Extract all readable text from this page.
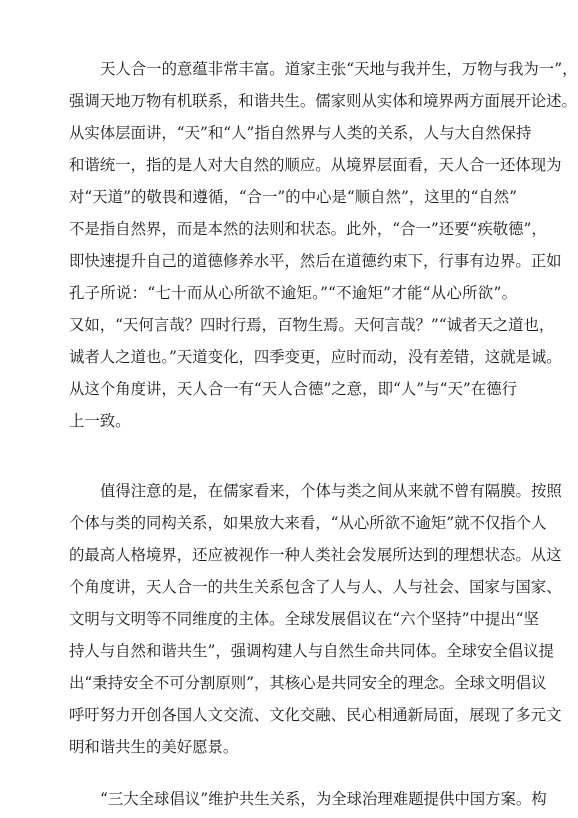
天人合一的意蕴非常丰富。道家主张“天地与我并生，万物与我为一”，
强调天地万物有机联系，和谐共生。儒家则从实体和境界两方面展开论述。
从实体层面讲，“天”和“人”指自然界与人类的关系，人与大自然保持
和谐统一，指的是人对大自然的顺应。从境界层面看，天人合一还体现为
对“天道”的敬畏和遵循，“合一”的中心是“顺自然”，这里的“自然”
不是指自然界，而是本然的法则和状态。此外，“合一”还要“疾敬德”，
即快速提升自己的道德修养水平，然后在道德约束下，行事有边界。正如
孔子所说：“七十而从心所欲不逾矩。”“不逾矩”才能“从心所欲”。
又如，“天何言哉？四时行焉，百物生焉。天何言哉？”“诚者天之道也，
诚者人之道也。”天道变化，四季变更，应时而动，没有差错，这就是诚。
从这个角度讲，天人合一有“天人合德”之意，即“人”与“天”在德行
上一致。
值得注意的是，在儒家看来，个体与类之间从来就不曾有隔膜。按照
个体与类的同构关系，如果放大来看，“从心所欲不逾矩”就不仅指个人
的最高人格境界，还应被视作一种人类社会发展所达到的理想状态。从这
个角度讲，天人合一的共生关系包含了人与人、人与社会、国家与国家、
文明与文明等不同维度的主体。全球发展倡议在“六个坚持”中提出“坚
持人与自然和谐共生”，强调构建人与自然生命共同体。全球安全倡议提
出“秉持安全不可分割原则”，其核心是共同安全的理念。全球文明倡议
呼吁努力开创各国人文交流、文化交融、民心相通新局面，展现了多元文
明和谐共生的美好愿景。
“三大全球倡议”维护共生关系，为全球治理难题提供中国方案。构
